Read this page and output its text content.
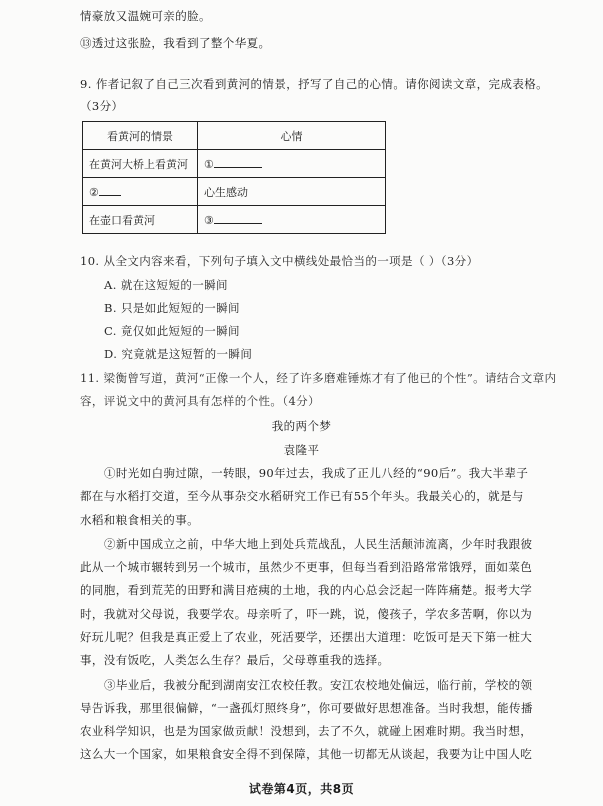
情豪放又温婉可亲的脸。
⑬透过这张脸，我看到了整个华夏。
9. 作者记叙了自己三次看到黄河的情景，抒写了自己的心情。请你阅读文章，完成表格。
（3分）
看黄河的情景	心情
在黄河大桥上看黄河	①
②	心生感动
在壶口看黄河	③
10. 从全文内容来看，下列句子填入文中横线处最恰当的一项是（ ）（3分）
A. 就在这短短的一瞬间
B. 只是如此短短的一瞬间
C. 竟仅如此短短的一瞬间
D. 究竟就是这短暂的一瞬间
11. 梁衡曾写道，黄河“正像一个人，经了许多磨难锤炼才有了他已的个性”。请结合文章内
容，评说文中的黄河具有怎样的个性。（4分）
我的两个梦
袁隆平
①时光如白驹过隙，一转眼，90年过去，我成了正儿八经的“90后”。我大半辈子
都在与水稻打交道，至今从事杂交水稻研究工作已有55个年头。我最关心的，就是与
水稻和粮食相关的事。
②新中国成立之前，中华大地上到处兵荒战乱，人民生活颠沛流离，少年时我跟彼
此从一个城市辗转到另一个城市，虽然少不更事，但每当看到沿路常常饿殍，面如菜色
的同胞，看到荒芜的田野和满目疮痍的土地，我的内心总会泛起一阵阵痛楚。报考大学
时，我就对父母说，我要学农。母亲听了，吓一跳，说，傻孩子，学农多苦啊，你以为
好玩儿呢？但我是真正爱上了农业，死活要学，还摆出大道理：吃饭可是天下第一桩大
事，没有饭吃，人类怎么生存？最后，父母尊重我的选择。
③毕业后，我被分配到湖南安江农校任教。安江农校地处偏远，临行前，学校的领
导告诉我，那里很偏僻，“一盏孤灯照终身”，你可要做好思想准备。当时我想，能传播
农业科学知识，也是为国家做贡献！没想到，去了不久，就碰上困难时期。我当时想，
这么大一个国家，如果粮食安全得不到保障，其他一切都无从谈起，我要为让中国人吃
试卷第4页，共8页
